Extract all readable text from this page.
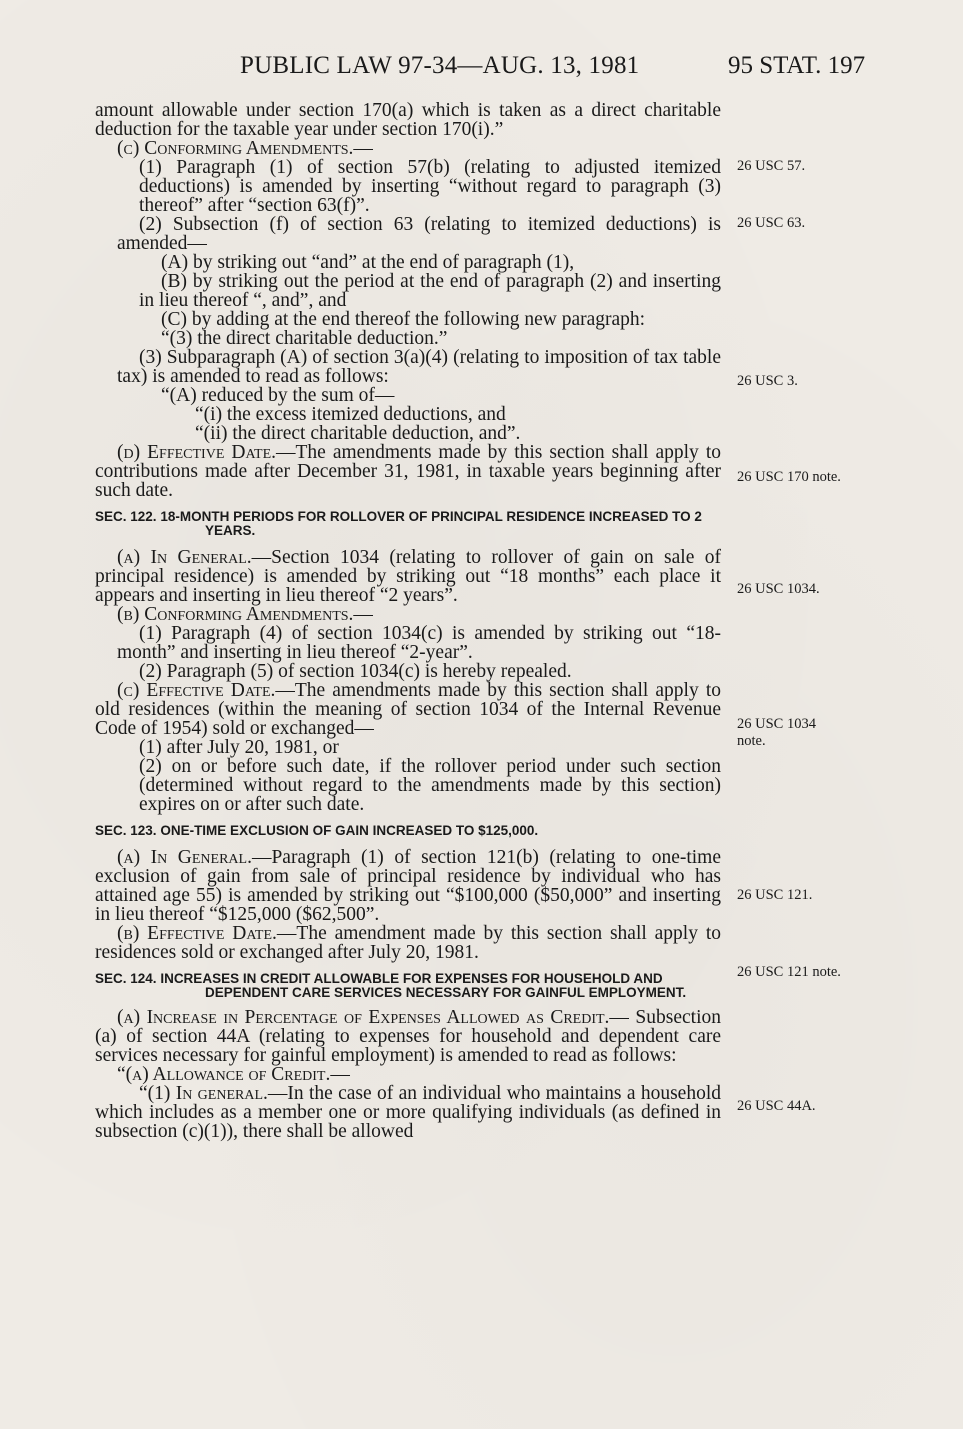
PUBLIC LAW 97-34—AUG. 13, 1981	95 STAT. 197

amount allowable under section 170(a) which is taken as a direct charitable deduction for the taxable year under section 170(i).”

(c) Conforming Amendments.—

(1) Paragraph (1) of section 57(b) (relating to adjusted itemized deductions) is amended by inserting “without regard to paragraph (3) thereof” after “section 63(f)”.

(2) Subsection (f) of section 63 (relating to itemized deductions) is amended—

(A) by striking out “and” at the end of paragraph (1),

(B) by striking out the period at the end of paragraph (2) and inserting in lieu thereof “, and”, and

(C) by adding at the end thereof the following new paragraph:

“(3) the direct charitable deduction.”

(3) Subparagraph (A) of section 3(a)(4) (relating to imposition of tax table tax) is amended to read as follows:

“(A) reduced by the sum of—

“(i) the excess itemized deductions, and

“(ii) the direct charitable deduction, and”.

(d) Effective Date.—The amendments made by this section shall apply to contributions made after December 31, 1981, in taxable years beginning after such date.

SEC. 122. 18-MONTH PERIODS FOR ROLLOVER OF PRINCIPAL RESIDENCE INCREASED TO 2 YEARS.

(a) In General.—Section 1034 (relating to rollover of gain on sale of principal residence) is amended by striking out “18 months” each place it appears and inserting in lieu thereof “2 years”.

(b) Conforming Amendments.—

(1) Paragraph (4) of section 1034(c) is amended by striking out “18-month” and inserting in lieu thereof “2-year”.

(2) Paragraph (5) of section 1034(c) is hereby repealed.

(c) Effective Date.—The amendments made by this section shall apply to old residences (within the meaning of section 1034 of the Internal Revenue Code of 1954) sold or exchanged—

(1) after July 20, 1981, or

(2) on or before such date, if the rollover period under such section (determined without regard to the amendments made by this section) expires on or after such date.

SEC. 123. ONE-TIME EXCLUSION OF GAIN INCREASED TO $125,000.

(a) In General.—Paragraph (1) of section 121(b) (relating to one-time exclusion of gain from sale of principal residence by individual who has attained age 55) is amended by striking out “$100,000 ($50,000” and inserting in lieu thereof “$125,000 ($62,500”.

(b) Effective Date.—The amendment made by this section shall apply to residences sold or exchanged after July 20, 1981.

SEC. 124. INCREASES IN CREDIT ALLOWABLE FOR EXPENSES FOR HOUSEHOLD AND DEPENDENT CARE SERVICES NECESSARY FOR GAINFUL EMPLOYMENT.

(a) Increase in Percentage of Expenses Allowed as Credit.— Subsection (a) of section 44A (relating to expenses for household and dependent care services necessary for gainful employment) is amended to read as follows:

“(a) Allowance of Credit.—

“(1) In general.—In the case of an individual who maintains a household which includes as a member one or more qualifying individuals (as defined in subsection (c)(1)), there shall be allowed

26 USC 57.
26 USC 63.
26 USC 3.
26 USC 170 note.
26 USC 1034.
26 USC 1034
note.
26 USC 121.
26 USC 121 note.
26 USC 44A.
